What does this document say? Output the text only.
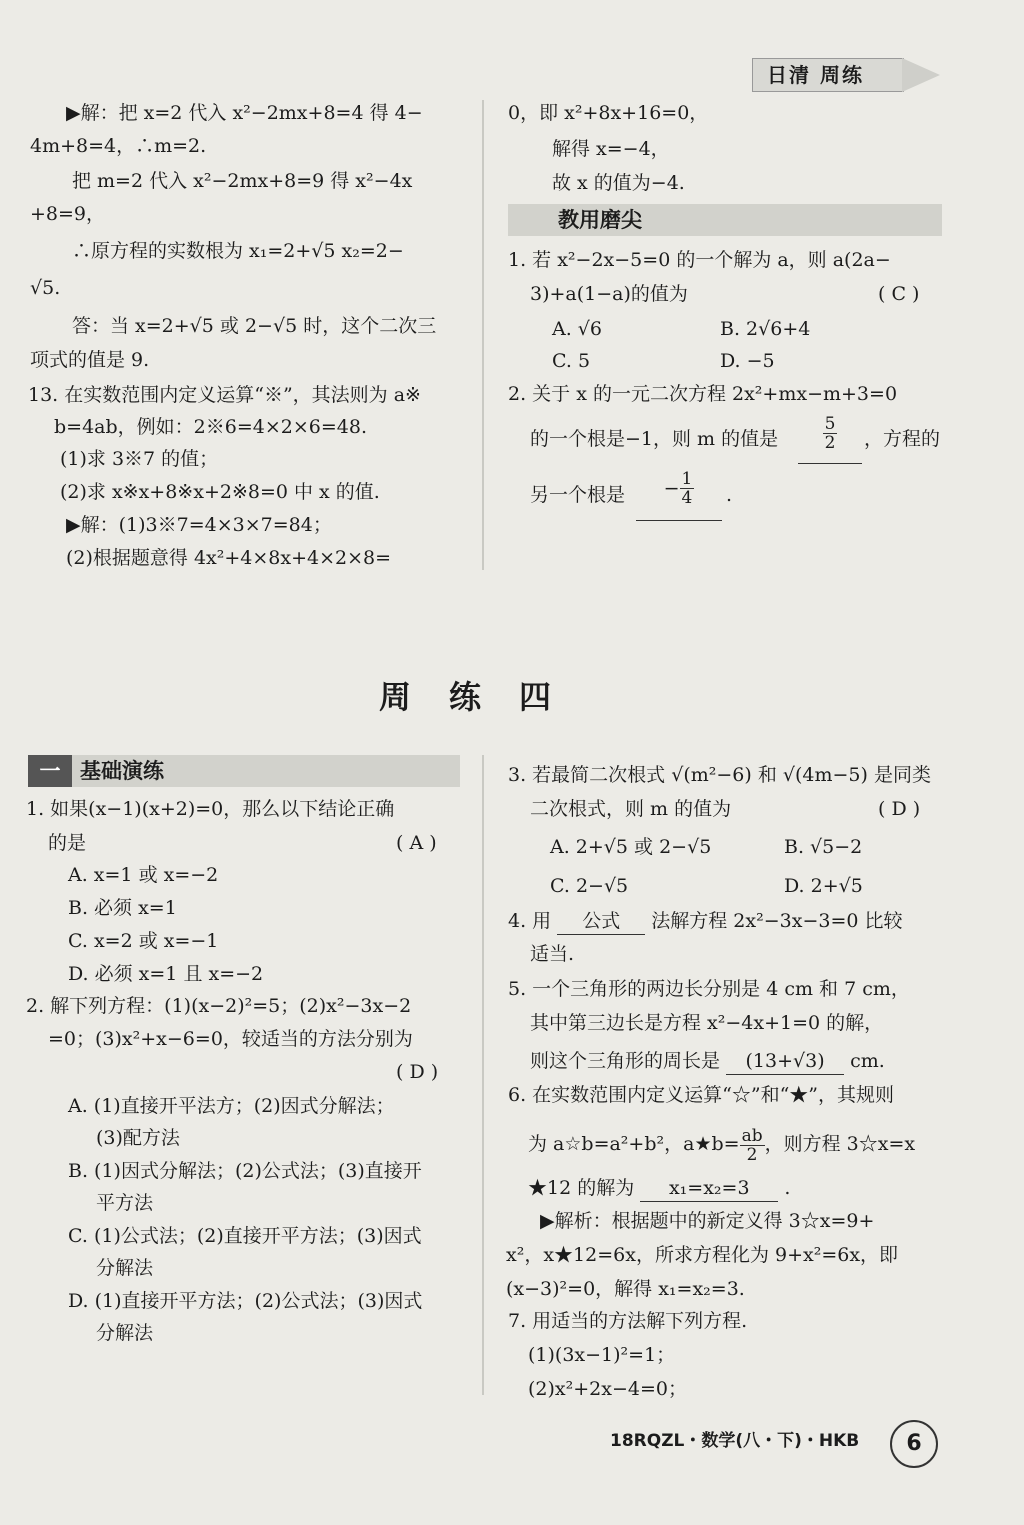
日清 周练
▶解：把 x=2 代入 x²−2mx+8=4 得 4−
4m+8=4，∴m=2.
把 m=2 代入 x²−2mx+8=9 得 x²−4x
+8=9，
∴原方程的实数根为 x₁=2+√5 x₂=2−
√5.
答：当 x=2+√5 或 2−√5 时，这个二次三
项式的值是 9.
13. 在实数范围内定义运算“※”，其法则为 a※
b=4ab，例如：2※6=4×2×6=48.
(1)求 3※7 的值；
(2)求 x※x+8※x+2※8=0 中 x 的值.
▶解：(1)3※7=4×3×7=84；
(2)根据题意得 4x²+4×8x+4×2×8=
0，即 x²+8x+16=0，
解得 x=−4，
故 x 的值为−4.
教用磨尖
1. 若 x²−2x−5=0 的一个解为 a，则 a(2a−
3)+a(1−a)的值为	( C )
A. √6	B. 2√6+4
C. 5	D. −5
2. 关于 x 的一元二次方程 2x²+mx−m+3=0
的一个根是−1，则 m 的值是	$\frac{5}{2}$ ，方程的
另一个根是	− $\frac{1}{4}$ .
周练四
一 基础演练
1. 如果(x−1)(x+2)=0，那么以下结论正确
的是	( A )
A. x=1 或 x=−2
B. 必须 x=1
C. x=2 或 x=−1
D. 必须 x=1 且 x=−2
2. 解下列方程：(1)(x−2)²=5；(2)x²−3x−2
=0；(3)x²+x−6=0，较适当的方法分别为
( D )
A. (1)直接开平法方；(2)因式分解法；
(3)配方法
B. (1)因式分解法；(2)公式法；(3)直接开
平方法
C. (1)公式法；(2)直接开平方法；(3)因式
分解法
D. (1)直接开平方法；(2)公式法；(3)因式
分解法
3. 若最简二次根式 √(m²−6) 和 √(4m−5) 是同类
二次根式，则 m 的值为	( D )
A. 2+√5 或 2−√5	B. √5−2
C. 2−√5	D. 2+√5
4. 用 公式 法解方程 2x²−3x−3=0 比较
适当.
5. 一个三角形的两边长分别是 4 cm 和 7 cm，
其中第三边长是方程 x²−4x+1=0 的解，
则这个三角形的周长是 (13+√3) cm.
6. 在实数范围内定义运算“☆”和“★”，其规则
为 a☆b=a²+b²，a★b= $\frac{ab}{2}$ ，则方程 3☆x=x
★12 的解为 x₁=x₂=3 .
▶解析：根据题中的新定义得 3☆x=9+
x²，x★12=6x，所求方程化为 9+x²=6x，即
(x−3)²=0，解得 x₁=x₂=3.
7. 用适当的方法解下列方程.
(1)(3x−1)²=1；
(2)x²+2x−4=0；
18RQZL・数学(八・下)・HKB	6
